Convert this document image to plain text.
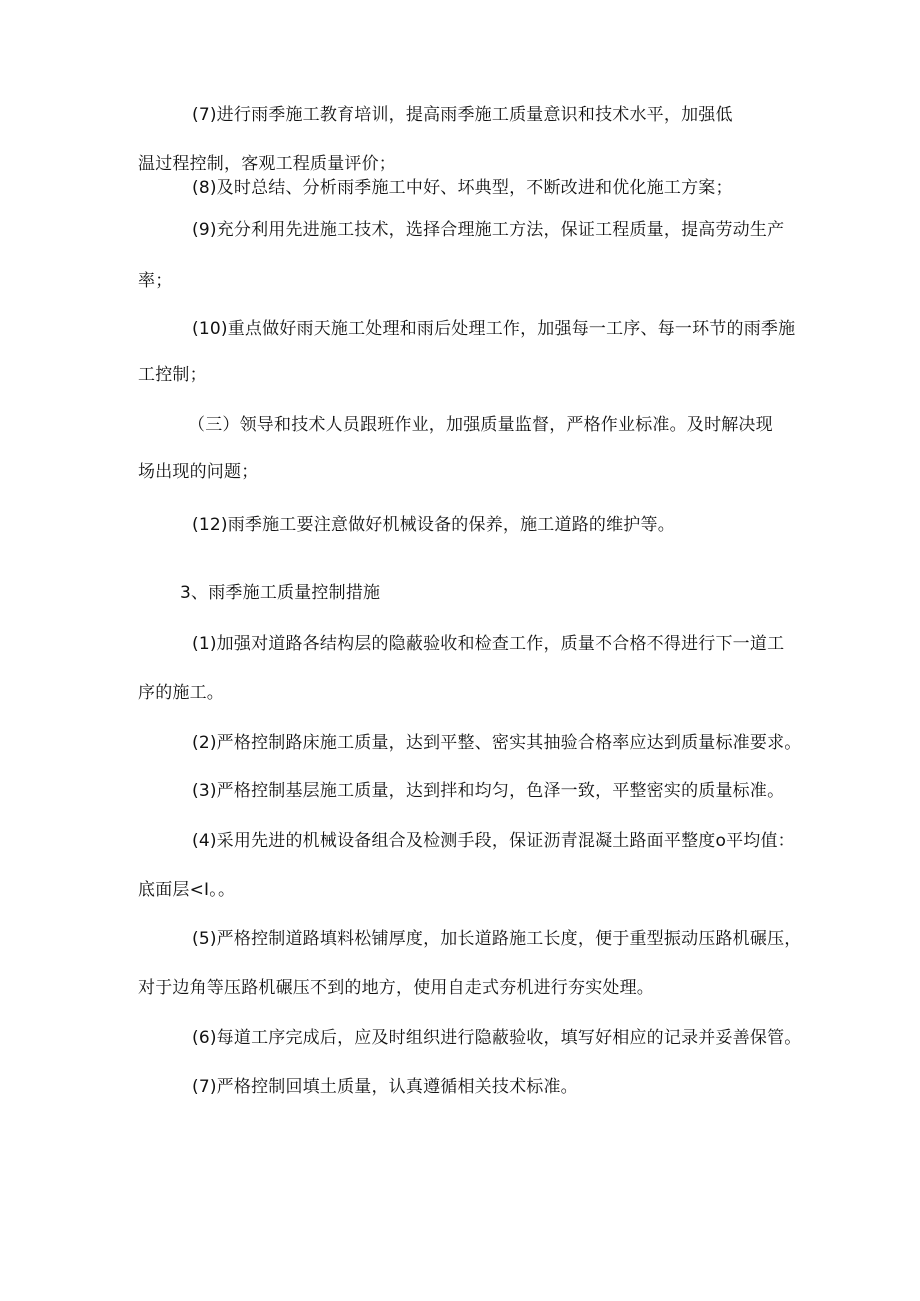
(7)进行雨季施工教育培训，提高雨季施工质量意识和技术水平，加强低
温过程控制，客观工程质量评价；
(8)及时总结、分析雨季施工中好、坏典型，不断改进和优化施工方案；
(9)充分利用先进施工技术，选择合理施工方法，保证工程质量，提高劳动生产
率；
(10)重点做好雨天施工处理和雨后处理工作，加强每一工序、每一环节的雨季施
工控制；
（三）领导和技术人员跟班作业，加强质量监督，严格作业标准。及时解决现
场出现的问题；
(12)雨季施工要注意做好机械设备的保养，施工道路的维护等。
3、雨季施工质量控制措施
(1)加强对道路各结构层的隐蔽验收和检查工作，质量不合格不得进行下一道工
序的施工。
(2)严格控制路床施工质量，达到平整、密实其抽验合格率应达到质量标准要求。
(3)严格控制基层施工质量，达到拌和均匀，色泽一致，平整密实的质量标准。
(4)采用先进的机械设备组合及检测手段，保证沥青混凝土路面平整度o平均值：
底面层<I。。
(5)严格控制道路填料松铺厚度，加长道路施工长度，便于重型振动压路机碾压，
对于边角等压路机碾压不到的地方，使用自走式夯机进行夯实处理。
(6)每道工序完成后，应及时组织进行隐蔽验收，填写好相应的记录并妥善保管。
(7)严格控制回填土质量，认真遵循相关技术标准。
